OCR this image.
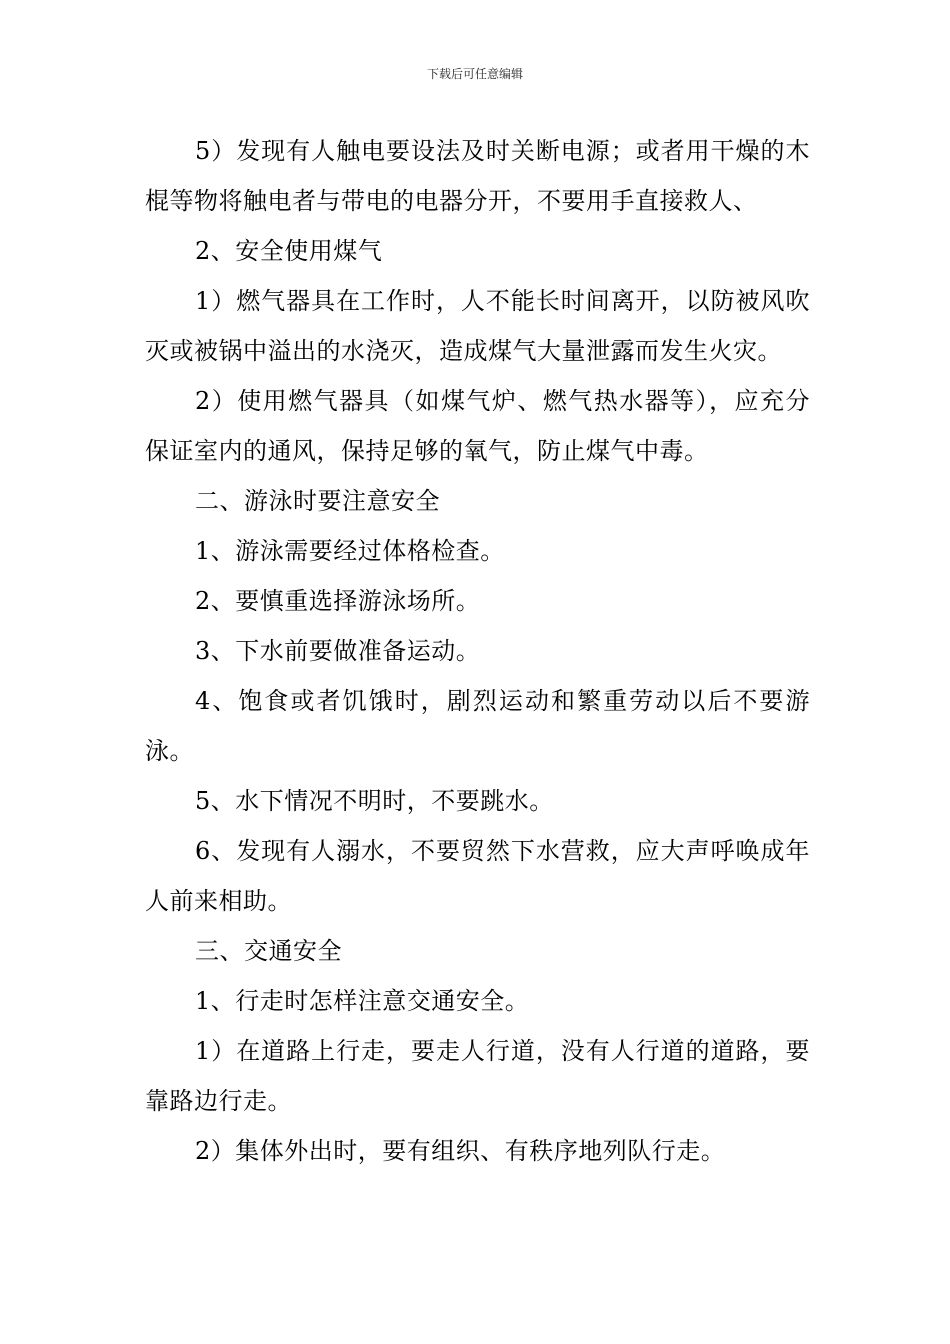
下载后可任意编辑

5）发现有人触电要设法及时关断电源；或者用干燥的木棍等物将触电者与带电的电器分开，不要用手直接救人、

2、安全使用煤气

1）燃气器具在工作时，人不能长时间离开，以防被风吹灭或被锅中溢出的水浇灭，造成煤气大量泄露而发生火灾。

2）使用燃气器具（如煤气炉、燃气热水器等），应充分保证室内的通风，保持足够的氧气，防止煤气中毒。

二、游泳时要注意安全

1、游泳需要经过体格检查。

2、要慎重选择游泳场所。

3、下水前要做准备运动。

4、饱食或者饥饿时，剧烈运动和繁重劳动以后不要游泳。

5、水下情况不明时，不要跳水。

6、发现有人溺水，不要贸然下水营救，应大声呼唤成年人前来相助。

三、交通安全

1、行走时怎样注意交通安全。

1）在道路上行走，要走人行道，没有人行道的道路，要靠路边行走。

2）集体外出时，要有组织、有秩序地列队行走。
